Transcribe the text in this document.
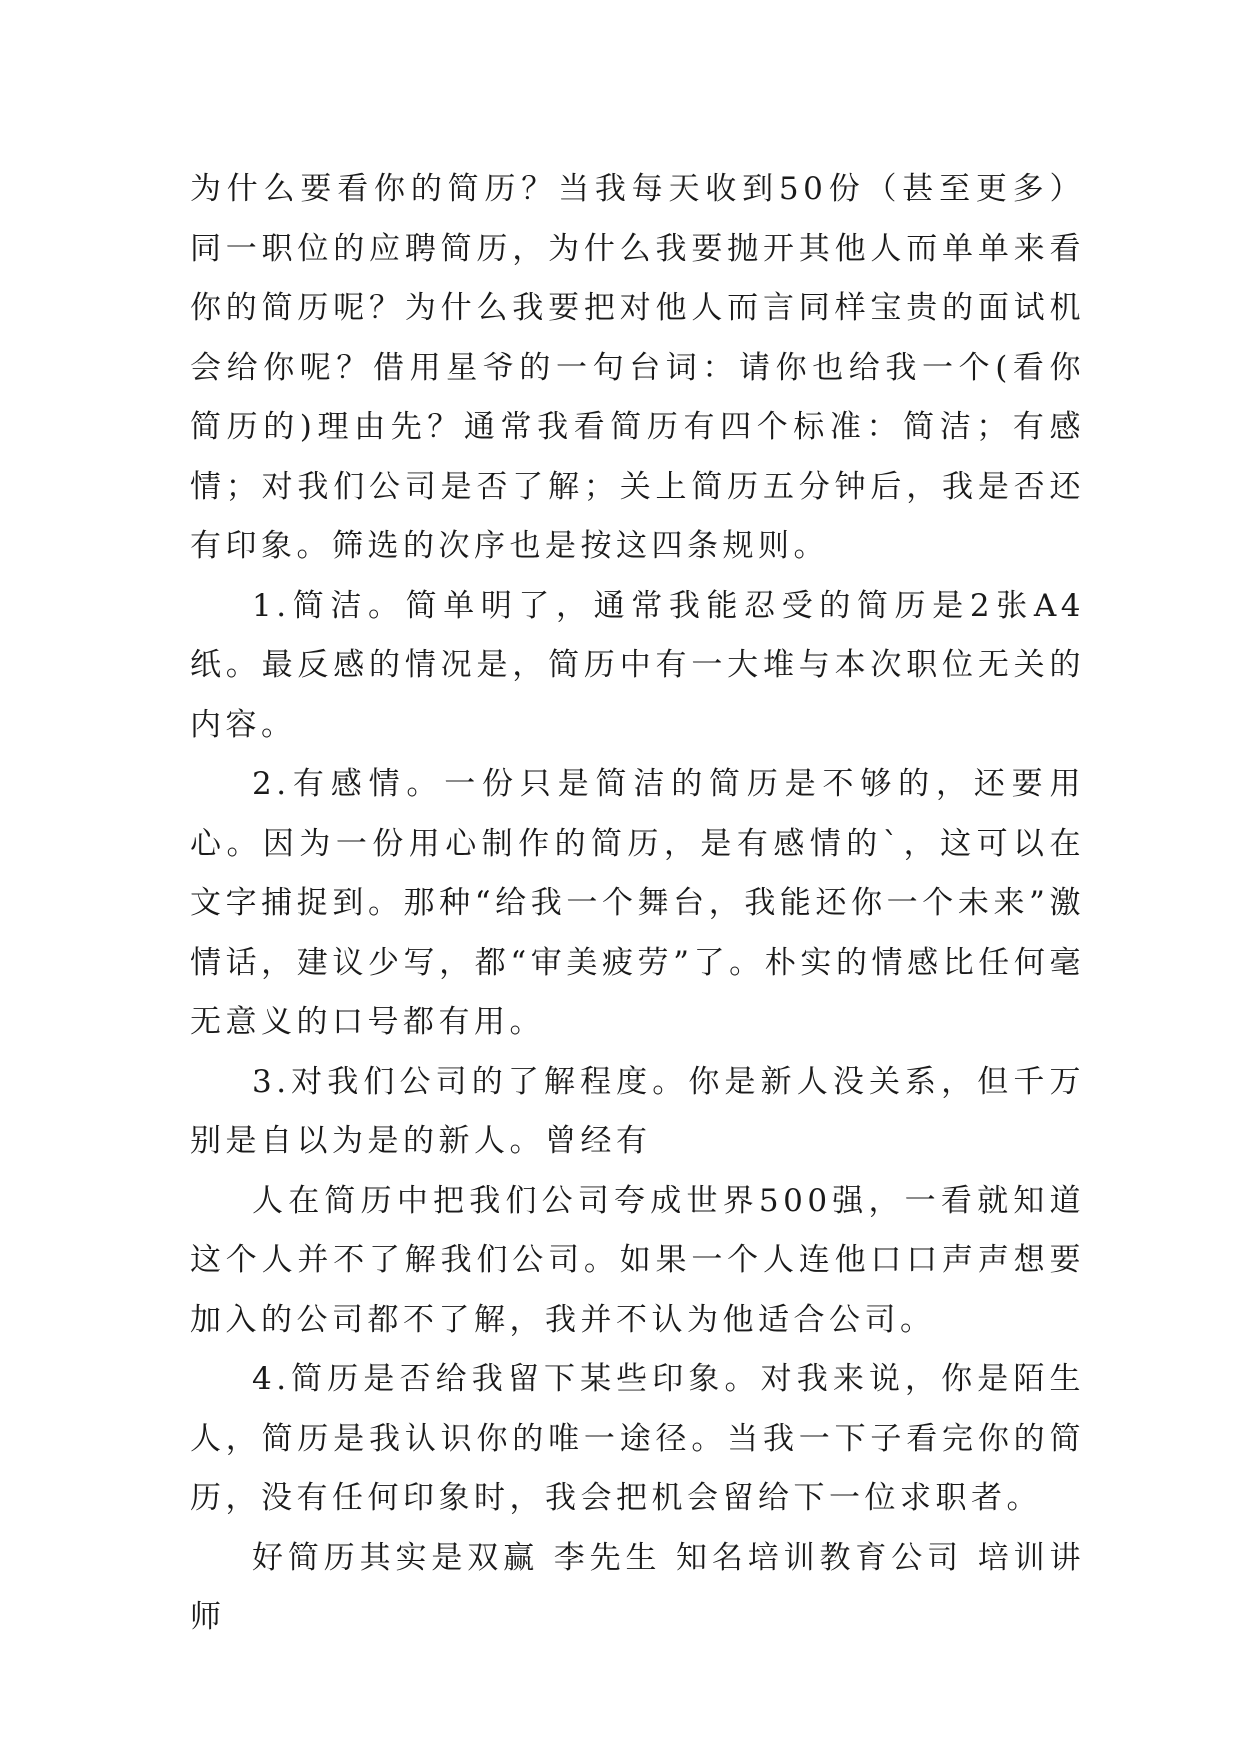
为什么要看你的简历？当我每天收到50份（甚至更多）同一职位的应聘简历，为什么我要抛开其他人而单单来看你的简历呢？为什么我要把对他人而言同样宝贵的面试机会给你呢？借用星爷的一句台词：请你也给我一个(看你简历的)理由先？通常我看简历有四个标准：简洁；有感情；对我们公司是否了解；关上简历五分钟后，我是否还有印象。筛选的次序也是按这四条规则。

1.简洁。简单明了，通常我能忍受的简历是2张A4纸。最反感的情况是，简历中有一大堆与本次职位无关的内容。

2.有感情。一份只是简洁的简历是不够的，还要用心。因为一份用心制作的简历，是有感情的`，这可以在文字捕捉到。那种“给我一个舞台，我能还你一个未来”激情话，建议少写，都“审美疲劳”了。朴实的情感比任何毫无意义的口号都有用。

3.对我们公司的了解程度。你是新人没关系，但千万别是自以为是的新人。曾经有

人在简历中把我们公司夸成世界500强，一看就知道这个人并不了解我们公司。如果一个人连他口口声声想要加入的公司都不了解，我并不认为他适合公司。

4.简历是否给我留下某些印象。对我来说，你是陌生人，简历是我认识你的唯一途径。当我一下子看完你的简历，没有任何印象时，我会把机会留给下一位求职者。

好简历其实是双赢 李先生 知名培训教育公司 培训讲师
